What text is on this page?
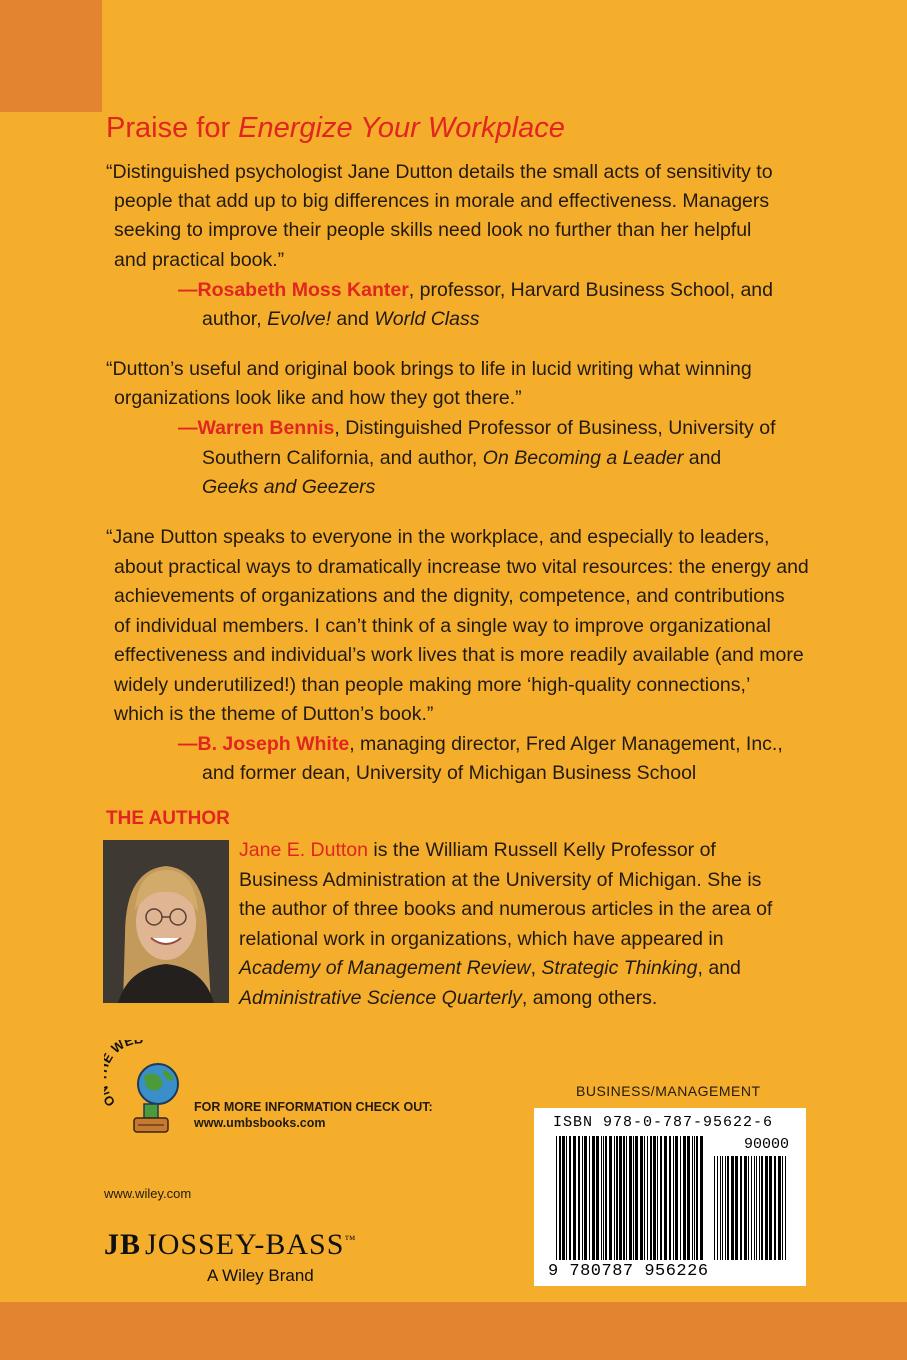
Praise for Energize Your Workplace
“Distinguished psychologist Jane Dutton details the small acts of sensitivity to
people that add up to big differences in morale and effectiveness. Managers
seeking to improve their people skills need look no further than her helpful
and practical book.”
—Rosabeth Moss Kanter, professor, Harvard Business School, and
author, Evolve! and World Class
“Dutton’s useful and original book brings to life in lucid writing what winning
organizations look like and how they got there.”
—Warren Bennis, Distinguished Professor of Business, University of
Southern California, and author, On Becoming a Leader and
Geeks and Geezers
“Jane Dutton speaks to everyone in the workplace, and especially to leaders,
about practical ways to dramatically increase two vital resources: the energy and
achievements of organizations and the dignity, competence, and contributions
of individual members. I can’t think of a single way to improve organizational
effectiveness and individual’s work lives that is more readily available (and more
widely underutilized!) than people making more ‘high-quality connections,’
which is the theme of Dutton’s book.”
—B. Joseph White, managing director, Fred Alger Management, Inc.,
and former dean, University of Michigan Business School
THE AUTHOR
Jane E. Dutton is the William Russell Kelly Professor of
Business Administration at the University of Michigan. She is
the author of three books and numerous articles in the area of
relational work in organizations, which have appeared in
Academy of Management Review, Strategic Thinking, and
Administrative Science Quarterly, among others.
WE
FOR MORE INFORMATION CHECK OUT:
www.umbsbooks.com
www.wiley.com
JB JOSSEY-BASS™
A Wiley Brand
BUSINESS/MANAGEMENT
ISBN 978-0-787-95622-6
90000
9 780787 956226
